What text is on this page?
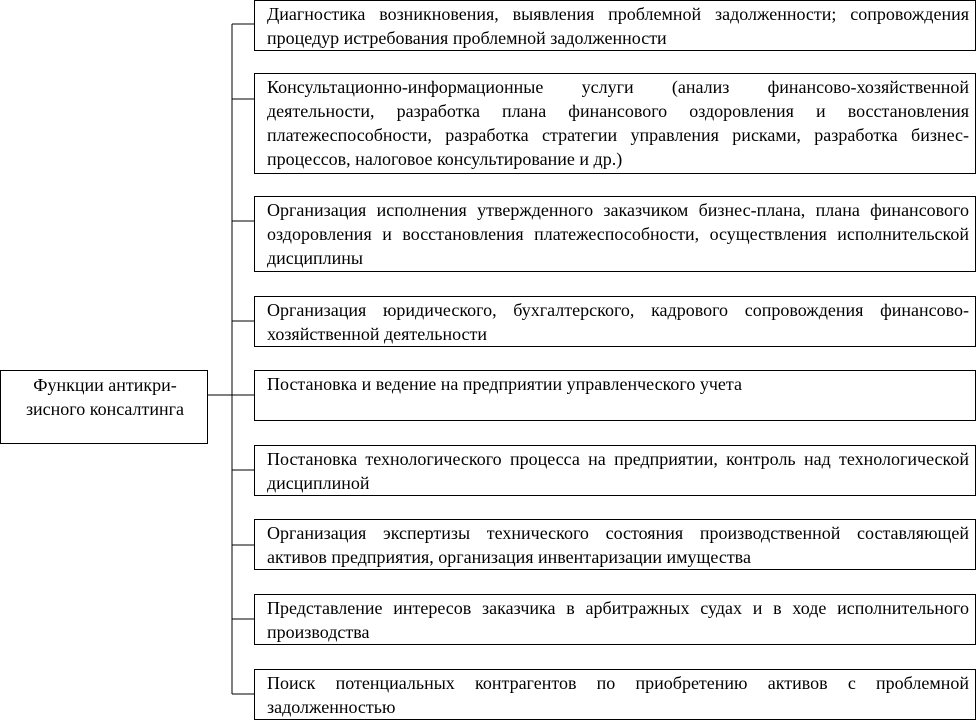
Функции антикри-
зисного консалтинга
Диагностика возникновения, выявления проблемной задолженности; сопровождения процедур истребования проблемной задолженности
Консультационно-информационные услуги (анализ финансово-хозяйственной деятельности, разработка плана финансового оздоровления и восстановления платежеспособности, разработка стратегии управления рисками, разработка бизнес-процессов, налоговое консультирование и др.)
Организация исполнения утвержденного заказчиком бизнес-плана, плана финансового оздоровления и восстановления платежеспособности, осуществления исполнительской дисциплины
Организация юридического, бухгалтерского, кадрового сопровождения финансово-хозяйственной деятельности
Постановка и ведение на предприятии управленческого учета
Постановка технологического процесса на предприятии, контроль над технологической дисциплиной
Организация экспертизы технического состояния производственной составляющей активов предприятия, организация инвентаризации имущества
Представление интересов заказчика в арбитражных судах и в ходе исполнительного производства
Поиск потенциальных контрагентов по приобретению активов с проблемной задолженностью
